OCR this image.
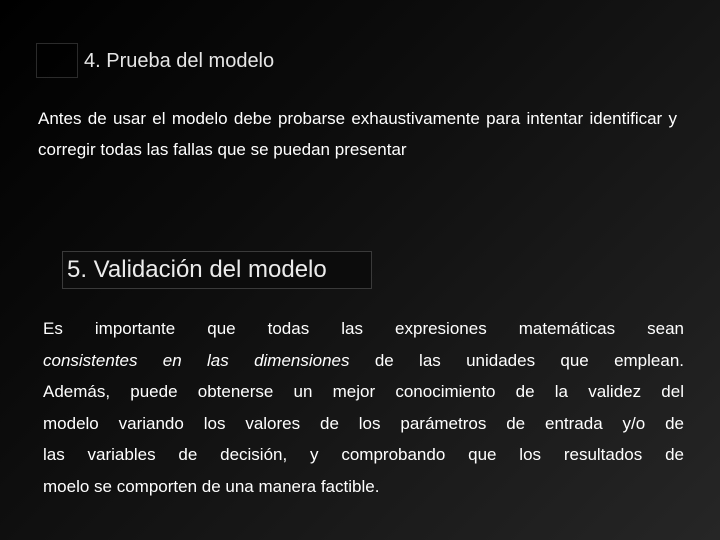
4. Prueba del modelo
Antes de usar el modelo debe probarse exhaustivamente para intentar identificar y corregir todas las fallas que se puedan presentar
5. Validación del modelo
Es importante que todas las expresiones matemáticas sean
consistentes en las dimensiones de las unidades que emplean.
Además, puede obtenerse un mejor conocimiento de la validez del
modelo variando los valores de los parámetros de entrada y/o de
las variables de decisión, y comprobando que los resultados de
moelo se comporten de una manera factible.
